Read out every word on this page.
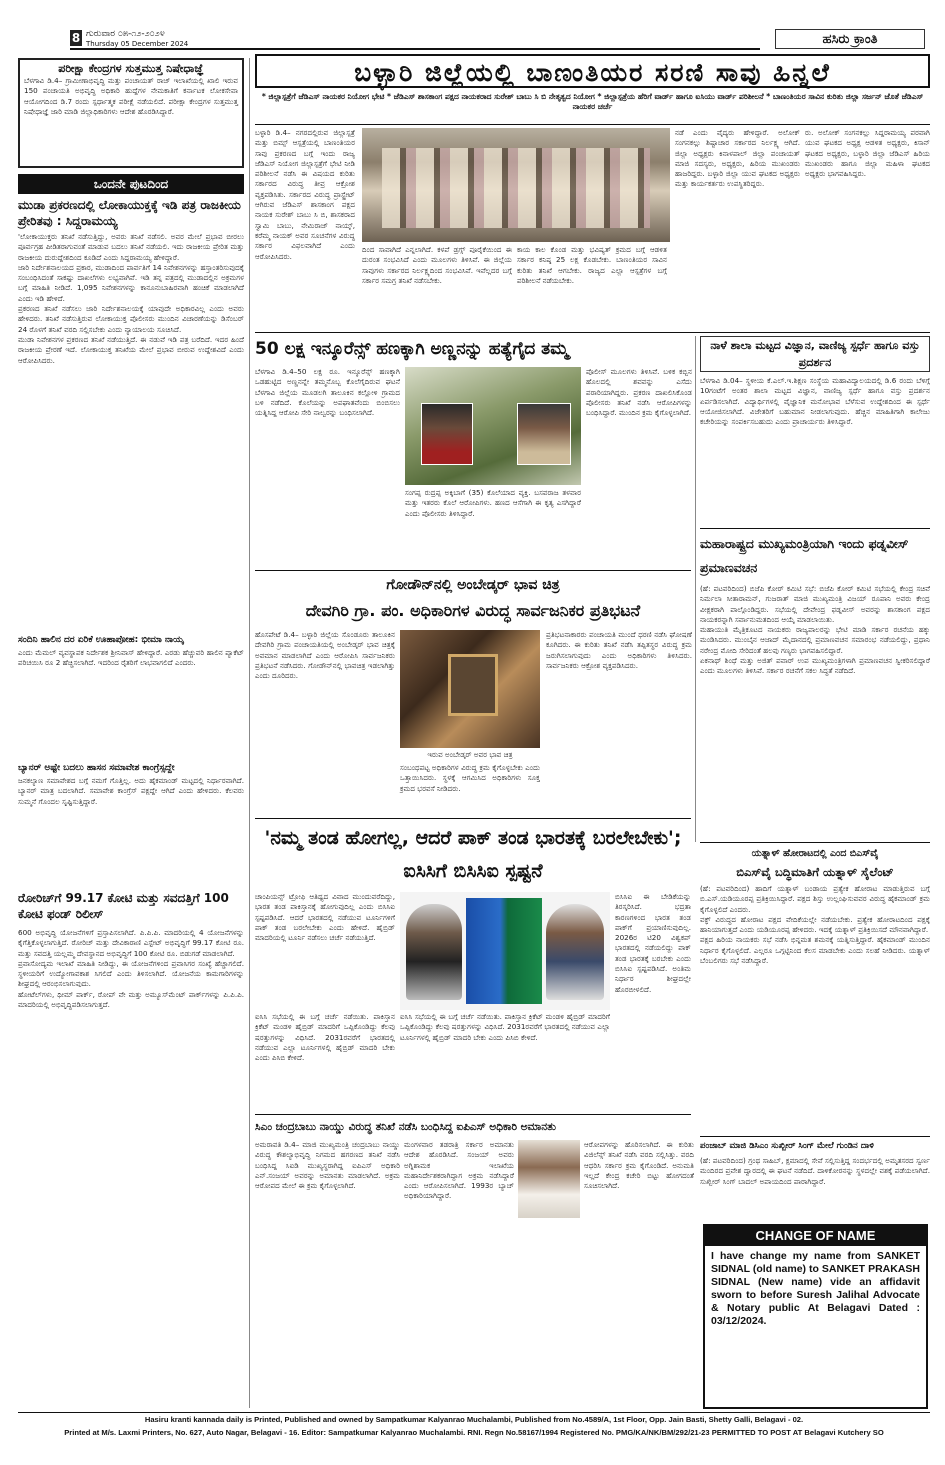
8 ಗುರುವಾರ ೦೫-೧೨-೨೦೨೪
Thursday 05 December 2024	ಹಸಿರು ಕ್ರಾಂತಿ
ಪರೀಕ್ಷಾ ಕೇಂದ್ರಗಳ ಸುತ್ತಮುತ್ತ ನಿಷೇಧಾಜ್ಞೆ
ಬೆಳಗಾವಿ ಡಿ.4– ಗ್ರಾಮೀಣಾಭಿವೃದ್ಧಿ ಮತ್ತು ಪಂಚಾಯತ್ ರಾಜ್ ಇಲಾಖೆಯಲ್ಲಿ ಖಾಲಿ ಇರುವ 150 ಪಂಚಾಯತಿ ಅಭಿವೃದ್ಧಿ ಅಧಿಕಾರಿ ಹುದ್ದೆಗಳ ನೇಮಕಾತಿಗೆ ಕರ್ನಾಟಕ ಲೋಕಸೇವಾ ಆಯೋಗದಿಂದ ಡಿ.7 ರಂದು ಸ್ಪರ್ಧಾತ್ಮಕ ಪರೀಕ್ಷೆ ನಡೆಯಲಿದೆ. ಪರೀಕ್ಷಾ ಕೇಂದ್ರಗಳ ಸುತ್ತಮುತ್ತ ನಿಷೇಧಾಜ್ಞೆ ಜಾರಿ ಮಾಡಿ ಜಿಲ್ಲಾಧಿಕಾರಿಗಳು ಆದೇಶ ಹೊರಡಿಸಿದ್ದಾರೆ.
ಒಂದನೇ ಪುಟದಿಂದ
ಮುಡಾ ಪ್ರಕರಣದಲ್ಲಿ ಲೋಕಾಯುಕ್ತಕ್ಕೆ ಇಡಿ ಪತ್ರ ರಾಜಕೀಯ ಪ್ರೇರಿತವು : ಸಿದ್ದರಾಮಯ್ಯ
'ಲೋಕಾಯುಕ್ತರು ತನಿಖೆ ನಡೆಸುತ್ತಿದ್ದು, ಅವರು ತನಿಖೆ ನಡೆಸಲಿ. ಅವರ ಮೇಲೆ ಪ್ರಭಾವ ಬೀರಲು ಪೂರ್ವಗ್ರಹ ಪೀಡಿತರಾಗುವಂತೆ ಮಾಡುವ ಬದಲು ತನಿಖೆ ನಡೆಯಲಿ. ಇದು ರಾಜಕೀಯ ಪ್ರೇರಿತ ಮತ್ತು ರಾಜಕೀಯ ದುರುದ್ದೇಶದಿಂದ ಕೂಡಿದೆ ಎಂದು ಸಿದ್ದರಾಮಯ್ಯ ಹೇಳಿದ್ದಾರೆ.
ಜಾರಿ ನಿರ್ದೇಶನಾಲಯದ ಪ್ರಕಾರ, ಮುಡಾದಿಂದ ಪಾರ್ವತಿಗೆ 14 ನಿವೇಶನಗಳನ್ನು ಹಸ್ತಾಂತರಿಸುವುದಕ್ಕೆ ಸಂಬಂಧಿಸಿದಂತೆ ಸಾಕಷ್ಟು ದಾಖಲೆಗಳು ಲಭ್ಯವಾಗಿವೆ. ಇಡಿ ತನ್ನ ಪತ್ರದಲ್ಲಿ ಮುಡಾದಲ್ಲಿನ ಅಕ್ರಮಗಳ ಬಗ್ಗೆ ಮಾಹಿತಿ ನೀಡಿದೆ. 1,095 ನಿವೇಶನಗಳನ್ನು ಕಾನೂನುಬಾಹಿರವಾಗಿ ಹಂಚಿಕೆ ಮಾಡಲಾಗಿದೆ ಎಂದು ಇಡಿ ಹೇಳಿದೆ.
ಪ್ರಕರಣದ ತನಿಖೆ ನಡೆಸಲು ಜಾರಿ ನಿರ್ದೇಶನಾಲಯಕ್ಕೆ ಯಾವುದೇ ಅಧಿಕಾರವಿಲ್ಲ ಎಂದು ಅವರು ಹೇಳಿದರು. ತನಿಖೆ ನಡೆಸುತ್ತಿರುವ ಲೋಕಾಯುಕ್ತ ಪೊಲೀಸರು ಮುಂದಿನ ವಿಚಾರಣೆಯನ್ನು ಡಿಸೆಂಬರ್ 24 ರೊಳಗೆ ತನಿಖೆ ವರದಿ ಸಲ್ಲಿಸಬೇಕು ಎಂದು ನ್ಯಾಯಾಲಯ ಸೂಚಿಸಿದೆ.
ಮುಡಾ ನಿವೇಶನಗಳ ಪ್ರಕರಣದ ತನಿಖೆ ನಡೆಯುತ್ತಿದೆ. ಈ ನಡುವೆ ಇಡಿ ಪತ್ರ ಬರೆದಿದೆ. ಇದರ ಹಿಂದೆ ರಾಜಕೀಯ ಪ್ರೇರಣೆ ಇದೆ. ಲೋಕಾಯುಕ್ತ ತನಿಖೆಯ ಮೇಲೆ ಪ್ರಭಾವ ಬೀರುವ ಉದ್ದೇಶವಿದೆ ಎಂದು ಆರೋಪಿಸಿದರು.
ಸಂದಿನಿ ಹಾಲಿನ ದರ ಏರಿಕೆ ಊಹಾಪೋಹ: ಭೀಮಾ ನಾಯ್ಕ
ಎಂದು ಮೆಮಲ್ ವ್ಯವಸ್ಥಾಪಕ ನಿರ್ದೇಶಕ ಶ್ರೀನಿವಾಸ್ ಹೇಳಿದ್ದಾರೆ. ಎರಡು ಹೆಚ್ಚುವರಿ ಹಾಲಿನ ಪ್ಯಾಕೆಟ್ ಪರಿಚಯಿಸಿ ರೂ 2 ಹೆಚ್ಚಿಸಲಾಗಿದೆ. ಇದರಿಂದ ರೈತರಿಗೆ ಲಾಭವಾಗಲಿದೆ ಎಂದರು.
ಬ್ಯಾನರ್ ಅಷ್ಟೇ ಬದಲು ಹಾಸನ ಸಮಾವೇಶ ಕಾಂಗ್ರೆಸ್ಸದ್ದೇ
ಜನಕಲ್ಯಾಣ ಸಮಾವೇಶದ ಬಗ್ಗೆ ನಮಗೆ ಗೊತ್ತಿಲ್ಲ. ಅದು ಹೈಕಮಾಂಡ್ ಮಟ್ಟದಲ್ಲಿ ನಿರ್ಧಾರವಾಗಿದೆ. ಬ್ಯಾನರ್ ಮಾತ್ರ ಬದಲಾಗಿದೆ. ಸಮಾವೇಶ ಕಾಂಗ್ರೆಸ್ ಪಕ್ಷದ್ದೇ ಆಗಿದೆ ಎಂದು ಹೇಳಿದರು. ಕೆಲವರು ಸುಮ್ಮನೆ ಗೊಂದಲ ಸೃಷ್ಟಿಸುತ್ತಿದ್ದಾರೆ.
ರೋರಿಚ್‌ಗೆ 99.17 ಕೋಟಿ ಮತ್ತು ಸವದತ್ತಿಗೆ 100 ಕೋಟಿ ಫಂಡ್ ರಿಲೀಸ್
600 ಅಭಿವೃದ್ಧಿ ಯೋಜನೆಗಳಿಗೆ ಪ್ರಸ್ತಾಪಿಸಲಾಗಿದೆ. ಪಿ.ಪಿ.ಪಿ. ಮಾದರಿಯಲ್ಲಿ 4 ಯೋಜನೆಗಳನ್ನು ಕೈಗೆತ್ತಿಕೊಳ್ಳಲಾಗುತ್ತಿದೆ. ರೋರಿಚ್ ಮತ್ತು ದೇವಿಕಾರಾಣಿ ಎಸ್ಟೇಟ್ ಅಭಿವೃದ್ಧಿಗೆ 99.17 ಕೋಟಿ ರೂ. ಮತ್ತು ಸವದತ್ತಿ ಯಲ್ಲಮ್ಮ ದೇವಸ್ಥಾನದ ಅಭಿವೃದ್ಧಿಗೆ 100 ಕೋಟಿ ರೂ. ಬಿಡುಗಡೆ ಮಾಡಲಾಗಿದೆ.
ಪ್ರವಾಸೋದ್ಯಮ ಇಲಾಖೆ ಮಾಹಿತಿ ನೀಡಿದ್ದು, ಈ ಯೋಜನೆಗಳಿಂದ ಪ್ರವಾಸಿಗರ ಸಂಖ್ಯೆ ಹೆಚ್ಚಾಗಲಿದೆ. ಸ್ಥಳೀಯರಿಗೆ ಉದ್ಯೋಗಾವಕಾಶ ಸಿಗಲಿದೆ ಎಂದು ತಿಳಿಸಲಾಗಿದೆ. ಯೋಜನೆಯ ಕಾಮಗಾರಿಗಳನ್ನು ಶೀಘ್ರದಲ್ಲಿ ಆರಂಭಿಸಲಾಗುವುದು.
ಹೋಟೆಲ್‌ಗಳು, ಥೀಮ್ ಪಾರ್ಕ್, ರೋಪ್ ವೇ ಮತ್ತು ಅಮ್ಯೂಸ್‌ಮೆಂಟ್ ಪಾರ್ಕ್‌ಗಳನ್ನು ಪಿ.ಪಿ.ಪಿ. ಮಾದರಿಯಲ್ಲಿ ಅಭಿವೃದ್ಧಿಪಡಿಸಲಾಗುತ್ತದೆ.
ಬಳ್ಳಾರಿ ಜಿಲ್ಲೆಯಲ್ಲಿ ಬಾಣಂತಿಯರ ಸರಣಿ ಸಾವು ಹಿನ್ನಲೆ
* ಜಿಲ್ಲಾಸ್ಪತ್ರೆಗೆ ಜೆಡಿಎಸ್ ನಾಯಕರ ನಿಯೋಗ ಭೇಟಿ * ಜೆಡಿಎಸ್ ಶಾಸಕಾಂಗ ಪಕ್ಷದ ನಾಯಕರಾದ ಸುರೇಶ್ ಬಾಬು ಸಿ ಬಿ ನೇತೃತ್ವದ ನಿಯೋಗ * ಜಿಲ್ಲಾಸ್ಪತ್ರೆಯ ಹೆರಿಗೆ ವಾರ್ಡ್ ಹಾಗೂ ಐಸಿಯು ವಾರ್ಡ್ ಪರಿಶೀಲನೆ * ಬಾಣಂತಿಯರ ಸಾವಿನ ಕುರಿತು ಜಿಲ್ಲಾ ಸರ್ಜನ್ ಜೊತೆ ಜೆಡಿಎಸ್ ನಾಯಕರ ಚರ್ಚೆ
ಬಳ್ಳಾರಿ ಡಿ.4– ನಗರದಲ್ಲಿರುವ ಜಿಲ್ಲಾಸ್ಪತ್ರೆ ಮತ್ತು ಬಿಮ್ಸ್ ಆಸ್ಪತ್ರೆಯಲ್ಲಿ ಬಾಣಂತಿಯರ ಸಾವು ಪ್ರಕರಣದ ಬಗ್ಗೆ ಇಂದು ರಾಜ್ಯ ಜೆಡಿಎಸ್ ನಿಯೋಗ ಜಿಲ್ಲಾಸ್ಪತ್ರೆಗೆ ಭೇಟಿ ನೀಡಿ ಪರಿಶೀಲನೆ ನಡೆಸಿ ಈ ವಿಷಯದ ಕುರಿತು ಸರ್ಕಾರದ ವಿರುದ್ಧ ತೀವ್ರ ಆಕ್ರೋಶ ವ್ಯಕ್ತಪಡಿಸಿತು. ಸರ್ಕಾರದ ವಿರುದ್ಧ ಪ್ರಾಸ್ಟ್ರೇಟ್ ಆಗಿರುವ ಜೆಡಿಎಸ್ ಶಾಸಕಾಂಗ ಪಕ್ಷದ ನಾಯಕ ಸುರೇಶ್ ಬಾಬು ಸಿ ಬಿ, ಶಾಸಕರಾದ ಸ್ವಾಮಿ ಬಾಬು, ನೇಮಿರಾಜ್ ನಾಯ್ಕ್, ಕರೆಮ್ಮ ನಾಯಕ್ ಅವರ ಸೂಚನೆಗಳ ವಿರುದ್ಧ ಸರ್ಕಾರ ವಿಫಲವಾಗಿದೆ ಎಂದು ಆರೋಪಿಸಿದರು.
ದಿಂದ ಸಾವಾಗಿದೆ ಎನ್ನಲಾಗಿದೆ. ಕಳಪೆ ಡ್ರಗ್ಸ್ ಪೂರೈಕೆಯಿಂದ ಈ ದುರಂತ ಸಂಭವಿಸಿದೆ ಎಂದು ಮೂಲಗಳು ತಿಳಿಸಿವೆ. ಈ ಜಿಲ್ಲೆಯ ಸಾವುಗಳು ಸರ್ಕಾರದ ನಿರ್ಲಕ್ಷ್ಯದಿಂದ ಸಂಭವಿಸಿವೆ. ಇವೆಲ್ಲದರ ಬಗ್ಗೆ ಸರ್ಕಾರ ಸಮಗ್ರ ತನಿಖೆ ನಡೆಸಬೇಕು.
ಕಾಯ ಕಾಲ ಕೊಂಡ ಮತ್ತು ಭವಿಷ್ಯತ್ ಕ್ರಮದ ಬಗ್ಗೆ ಆಡಳಿತ ಸರ್ಕಾರ ಕನಿಷ್ಠ 25 ಲಕ್ಷ ಕೊಡಬೇಕು. ಬಾಣಂತಿಯರ ಸಾವಿನ ಕುರಿತು ತನಿಖೆ ಆಗಬೇಕು. ರಾಜ್ಯದ ಎಲ್ಲಾ ಆಸ್ಪತ್ರೆಗಳ ಬಗ್ಗೆ ಪರಿಶೀಲನೆ ನಡೆಯಬೇಕು.
ನಡೆ ಎಂದು ವೈದ್ಯರು ಹೇಳಿದ್ದಾರೆ. ಅಲೋಕ್ ಸಂಗನಕಲ್ಲು ಶಿಷ್ಟಾಚಾರ ಸರ್ಕಾರದ ನಿರ್ಲಕ್ಷ್ಯ ಆಗಿದೆ. ಜಿಲ್ಲಾ ಅಧ್ಯಕ್ಷರು ಕಿನಾಳಪಾಲ್ ಜಿಲ್ಲಾ ಪಂಚಾಯತ್ ಮಾಜಿ ಸದಸ್ಯರು, ಅಧ್ಯಕ್ಷರು, ಹಿರಿಯ ಮುಖಂಡರು ಹಾಜರಿದ್ದರು. ಬಳ್ಳಾರಿ ಜಿಲ್ಲಾ ಯುವ ಘಟಕದ ಅಧ್ಯಕ್ಷರು ಮತ್ತು ಕಾರ್ಯಕರ್ತರು ಉಪಸ್ಥಿತರಿದ್ದರು.
ರು. ಅಲೋಕ್ ಸಂಗನಕಲ್ಲು ಸಿದ್ದರಾಮಯ್ಯ ಪರವಾಗಿ ಯುವ ಘಟಕದ ಅಧ್ಯಕ್ಷ ಆಡಳಿತ ಅಧ್ಯಕ್ಷರು, ಕಿಸಾನ್ ಘಟಕದ ಅಧ್ಯಕ್ಷರು, ಬಳ್ಳಾರಿ ಜಿಲ್ಲಾ ಜೆಡಿಎಸ್ ಹಿರಿಯ ಮುಖಂಡರು ಹಾಗೂ ಜಿಲ್ಲಾ ಮಹಿಳಾ ಘಟಕದ ಅಧ್ಯಕ್ಷರು ಭಾಗವಹಿಸಿದ್ದರು.
50 ಲಕ್ಷ ಇನ್ಶೂರೆನ್ಸ್ ಹಣಕ್ಕಾಗಿ ಅಣ್ಣನನ್ನು ಹತ್ಯೆಗೈದ ತಮ್ಮ
ಬೆಳಗಾವಿ ಡಿ.4–50 ಲಕ್ಷ ರೂ. ಇನ್ಶೂರೆನ್ಸ್ ಹಣಕ್ಕಾಗಿ ಒಡಹುಟ್ಟಿದ ಅಣ್ಣನನ್ನೇ ತಮ್ಮನೊಬ್ಬ ಕೊಲೆಗೈದಿರುವ ಘಟನೆ ಬೆಳಗಾವಿ ಜಿಲ್ಲೆಯ ಮೂಡಲಗಿ ತಾಲೂಕಿನ ಕಲ್ಲೋಳಿ ಗ್ರಾಮದ ಬಳಿ ನಡೆದಿದೆ. ಕೊಲೆಯನ್ನು ಅಪಘಾತವೆಂದು ಬಿಂಬಿಸಲು ಯತ್ನಿಸಿದ್ದ ಆರೋಪಿ ಸೇರಿ ನಾಲ್ವರನ್ನು ಬಂಧಿಸಲಾಗಿದೆ.
ಸಂಗಪ್ಪ ರುದ್ರಪ್ಪ ಅಕ್ಕಿಬಾಗೆ (35) ಕೊಲೆಯಾದ ವ್ಯಕ್ತಿ. ಬಸವರಾಜ ತಳವಾರ ಮತ್ತು ಇತರರು ಕೊಲೆ ಆರೋಪಿಗಳು. ಹಣದ ಆಸೆಗಾಗಿ ಈ ಕೃತ್ಯ ಎಸಗಿದ್ದಾರೆ ಎಂದು ಪೊಲೀಸರು ತಿಳಿಸಿದ್ದಾರೆ.
ಪೊಲೀಸ್ ಮೂಲಗಳು ತಿಳಿಸಿವೆ. ಬಳಿಕ ಕಬ್ಬಿನ ಹೊಲದಲ್ಲಿ ಶವವನ್ನು ಎಸೆದು ಪರಾರಿಯಾಗಿದ್ದರು. ಪ್ರಕರಣ ದಾಖಲಿಸಿಕೊಂಡ ಪೊಲೀಸರು ತನಿಖೆ ನಡೆಸಿ ಆರೋಪಿಗಳನ್ನು ಬಂಧಿಸಿದ್ದಾರೆ. ಮುಂದಿನ ಕ್ರಮ ಕೈಗೊಳ್ಳಲಾಗಿದೆ.
ನಾಳೆ ಶಾಲಾ ಮಟ್ಟದ ವಿಜ್ಞಾನ, ವಾಣಿಜ್ಯ ಸ್ಪರ್ಧೆ ಹಾಗೂ ವಸ್ತು ಪ್ರದರ್ಶನ
ಬೆಳಗಾವಿ ಡಿ.04– ಸ್ಥಳೀಯ ಕೆ.ಎಲ್.ಇ.ಶಿಕ್ಷಣ ಸಂಸ್ಥೆಯ ಮಹಾವಿದ್ಯಾಲಯದಲ್ಲಿ ಡಿ.6 ರಂದು ಬೆಳಿಗ್ಗೆ 10ಗಂಟೆಗೆ ಅಂತರ ಶಾಲಾ ಮಟ್ಟದ ವಿಜ್ಞಾನ, ವಾಣಿಜ್ಯ ಸ್ಪರ್ಧೆ ಹಾಗೂ ವಸ್ತು ಪ್ರದರ್ಶನ ಏರ್ಪಡಿಸಲಾಗಿದೆ. ವಿದ್ಯಾರ್ಥಿಗಳಲ್ಲಿ ವೈಜ್ಞಾನಿಕ ಮನೋಭಾವ ಬೆಳೆಸುವ ಉದ್ದೇಶದಿಂದ ಈ ಸ್ಪರ್ಧೆ ಆಯೋಜಿಸಲಾಗಿದೆ. ವಿಜೇತರಿಗೆ ಬಹುಮಾನ ನೀಡಲಾಗುವುದು. ಹೆಚ್ಚಿನ ಮಾಹಿತಿಗಾಗಿ ಕಾಲೇಜು ಕಚೇರಿಯನ್ನು ಸಂಪರ್ಕಿಸಬಹುದು ಎಂದು ಪ್ರಾಚಾರ್ಯರು ತಿಳಿಸಿದ್ದಾರೆ.
ಮಹಾರಾಷ್ಟ್ರದ ಮುಖ್ಯಮಂತ್ರಿಯಾಗಿ ಇಂದು ಫಡ್ನವೀಸ್ ಪ್ರಮಾಣವಚನ
(ಹೆ: ಪಟವರಿದಿಂದ) ಬಿಜೆಪಿ ಕೋರ್ ಕಮಿಟಿ ಸಭೆ: ಬಿಜೆಪಿ ಕೋರ್ ಕಮಿಟಿ ಸಭೆಯಲ್ಲಿ ಕೇಂದ್ರ ಸಚಿವೆ ನಿರ್ಮಲಾ ಸೀತಾರಾಮನ್, ಗುಜರಾತ್ ಮಾಜಿ ಮುಖ್ಯಮಂತ್ರಿ ವಿಜಯ್ ರೂಪಾನಿ ಅವರು ಕೇಂದ್ರ ವೀಕ್ಷಕರಾಗಿ ಪಾಲ್ಗೊಂಡಿದ್ದರು. ಸಭೆಯಲ್ಲಿ ದೇವೇಂದ್ರ ಫಡ್ನವೀಸ್ ಅವರನ್ನು ಶಾಸಕಾಂಗ ಪಕ್ಷದ ನಾಯಕರನ್ನಾಗಿ ಸರ್ವಾನುಮತದಿಂದ ಆಯ್ಕೆ ಮಾಡಲಾಯಿತು.
ಮಹಾಯುತಿ ಮೈತ್ರಿಕೂಟದ ನಾಯಕರು ರಾಜ್ಯಪಾಲರನ್ನು ಭೇಟಿ ಮಾಡಿ ಸರ್ಕಾರ ರಚನೆಯ ಹಕ್ಕು ಮಂಡಿಸಿದರು. ಮುಂಬೈನ ಆಜಾದ್ ಮೈದಾನದಲ್ಲಿ ಪ್ರಮಾಣವಚನ ಸಮಾರಂಭ ನಡೆಯಲಿದ್ದು, ಪ್ರಧಾನಿ ನರೇಂದ್ರ ಮೋದಿ ಸೇರಿದಂತೆ ಹಲವು ಗಣ್ಯರು ಭಾಗವಹಿಸಲಿದ್ದಾರೆ.
ಏಕನಾಥ್ ಶಿಂಧೆ ಮತ್ತು ಅಜಿತ್ ಪವಾರ್ ಉಪ ಮುಖ್ಯಮಂತ್ರಿಗಳಾಗಿ ಪ್ರಮಾಣವಚನ ಸ್ವೀಕರಿಸಲಿದ್ದಾರೆ ಎಂದು ಮೂಲಗಳು ತಿಳಿಸಿವೆ. ಸರ್ಕಾರ ರಚನೆಗೆ ಸಕಲ ಸಿದ್ಧತೆ ನಡೆದಿದೆ.
ಗೋಡೌನ್‌ನಲ್ಲಿ ಅಂಬೇಡ್ಕರ್ ಭಾವ ಚಿತ್ರ
ದೇವಗಿರಿ ಗ್ರಾ. ಪಂ. ಅಧಿಕಾರಿಗಳ ವಿರುದ್ಧ ಸಾರ್ವಜನಿಕರ ಪ್ರತಿಭಟನೆ
ಹೊಸಪೇಟೆ ಡಿ.4– ಬಳ್ಳಾರಿ ಜಿಲ್ಲೆಯ ಸೊಂಡೂರು ತಾಲೂಕಿನ ದೇವಗಿರಿ ಗ್ರಾಮ ಪಂಚಾಯತಿಯಲ್ಲಿ ಅಂಬೇಡ್ಕರ್ ಭಾವ ಚಿತ್ರಕ್ಕೆ ಅವಮಾನ ಮಾಡಲಾಗಿದೆ ಎಂದು ಆರೋಪಿಸಿ ಸಾರ್ವಜನಿಕರು ಪ್ರತಿಭಟನೆ ನಡೆಸಿದರು. ಗೋಡೌನ್‌ನಲ್ಲಿ ಭಾವಚಿತ್ರ ಇಡಲಾಗಿತ್ತು ಎಂದು ದೂರಿದರು.
ಇರುವ ಅಂಬೇಡ್ಕರ್ ಅವರ ಭಾವ ಚಿತ್ರ
ಸಂಬಂಧಪಟ್ಟ ಅಧಿಕಾರಿಗಳ ವಿರುದ್ಧ ಕ್ರಮ ಕೈಗೊಳ್ಳಬೇಕು ಎಂದು ಒತ್ತಾಯಿಸಿದರು. ಸ್ಥಳಕ್ಕೆ ಆಗಮಿಸಿದ ಅಧಿಕಾರಿಗಳು ಸೂಕ್ತ ಕ್ರಮದ ಭರವಸೆ ನೀಡಿದರು.
ಪ್ರತಿಭಟನಾಕಾರರು ಪಂಚಾಯತಿ ಮುಂದೆ ಧರಣಿ ನಡೆಸಿ ಘೋಷಣೆ ಕೂಗಿದರು. ಈ ಕುರಿತು ತನಿಖೆ ನಡೆಸಿ ತಪ್ಪಿತಸ್ಥರ ವಿರುದ್ಧ ಕ್ರಮ ಜರುಗಿಸಲಾಗುವುದು ಎಂದು ಅಧಿಕಾರಿಗಳು ತಿಳಿಸಿದರು. ಸಾರ್ವಜನಿಕರು ಆಕ್ರೋಶ ವ್ಯಕ್ತಪಡಿಸಿದರು.
'ನಮ್ಮ ತಂಡ ಹೋಗಲ್ಲ, ಆದರೆ ಪಾಕ್ ತಂಡ ಭಾರತಕ್ಕೆ ಬರಲೇಬೇಕು'; ಐಸಿಸಿಗೆ ಬಿಸಿಸಿಐ ಸ್ಪಷ್ಟನೆ
ಚಾಂಪಿಯನ್ಸ್ ಟ್ರೋಫಿ ಆತಿಥ್ಯದ ವಿವಾದ ಮುಂದುವರೆದಿದ್ದು, ಭಾರತ ತಂಡ ಪಾಕಿಸ್ತಾನಕ್ಕೆ ಹೋಗುವುದಿಲ್ಲ ಎಂದು ಬಿಸಿಸಿಐ ಸ್ಪಷ್ಟಪಡಿಸಿದೆ. ಆದರೆ ಭಾರತದಲ್ಲಿ ನಡೆಯುವ ಟೂರ್ನಿಗಳಿಗೆ ಪಾಕ್ ತಂಡ ಬರಲೇಬೇಕು ಎಂದು ಹೇಳಿದೆ. ಹೈಬ್ರಿಡ್ ಮಾದರಿಯಲ್ಲಿ ಟೂರ್ನಿ ನಡೆಸಲು ಚರ್ಚೆ ನಡೆಯುತ್ತಿದೆ.
ಐಸಿಸಿ ಸಭೆಯಲ್ಲಿ ಈ ಬಗ್ಗೆ ಚರ್ಚೆ ನಡೆಯಿತು. ಪಾಕಿಸ್ತಾನ ಕ್ರಿಕೆಟ್ ಮಂಡಳಿ ಹೈಬ್ರಿಡ್ ಮಾದರಿಗೆ ಒಪ್ಪಿಕೊಂಡಿದ್ದು ಕೆಲವು ಷರತ್ತುಗಳನ್ನು ವಿಧಿಸಿದೆ. 2031ರವರೆಗೆ ಭಾರತದಲ್ಲಿ ನಡೆಯುವ ಎಲ್ಲಾ ಟೂರ್ನಿಗಳಲ್ಲಿ ಹೈಬ್ರಿಡ್ ಮಾದರಿ ಬೇಕು ಎಂದು ಪಿಸಿಬಿ ಕೇಳಿದೆ.
ಬಿಸಿಸಿಐ ಈ ಬೇಡಿಕೆಯನ್ನು ತಿರಸ್ಕರಿಸಿದೆ. ಭದ್ರತಾ ಕಾರಣಗಳಿಂದ ಭಾರತ ತಂಡ ಪಾಕ್‌ಗೆ ಪ್ರಯಾಣಿಸುವುದಿಲ್ಲ. 2026ರ ಟಿ20 ವಿಶ್ವಕಪ್ ಭಾರತದಲ್ಲಿ ನಡೆಯಲಿದ್ದು ಪಾಕ್ ತಂಡ ಭಾರತಕ್ಕೆ ಬರಬೇಕು ಎಂದು ಬಿಸಿಸಿಐ ಸ್ಪಷ್ಟಪಡಿಸಿದೆ. ಅಂತಿಮ ನಿರ್ಧಾರ ಶೀಘ್ರದಲ್ಲೇ ಹೊರಬೀಳಲಿದೆ.
ಐಸಿಸಿ ಸಭೆಯಲ್ಲಿ ಈ ಬಗ್ಗೆ ಚರ್ಚೆ ನಡೆಯಿತು. ಪಾಕಿಸ್ತಾನ ಕ್ರಿಕೆಟ್ ಮಂಡಳಿ ಹೈಬ್ರಿಡ್ ಮಾದರಿಗೆ ಒಪ್ಪಿಕೊಂಡಿದ್ದು ಕೆಲವು ಷರತ್ತುಗಳನ್ನು ವಿಧಿಸಿದೆ. 2031ರವರೆಗೆ ಭಾರತದಲ್ಲಿ ನಡೆಯುವ ಎಲ್ಲಾ ಟೂರ್ನಿಗಳಲ್ಲಿ ಹೈಬ್ರಿಡ್ ಮಾದರಿ ಬೇಕು ಎಂದು ಪಿಸಿಬಿ ಕೇಳಿದೆ.
ಯತ್ನಾಳ್ ಹೋರಾಟದಲ್ಲಿ ಎಂದ ಬಿಎಸ್‌ವೈ
ಬಿಎಸ್‌ವೈ ಬದ್ಧಿಮಾತಿಗೆ ಯತ್ನಾಳ್ ಸೈಲೆಂಟ್
(ಹೆ: ಪಟವರಿದಿಂದ) ಹಾದಿಗೆ ಯತ್ನಾಳ್ ಬಂಡಾಯ ಪ್ರತ್ಯೇಕ ಹೋರಾಟ ಮಾಡುತ್ತಿರುವ ಬಗ್ಗೆ ಬಿ.ಎಸ್.ಯಡಿಯೂರಪ್ಪ ಪ್ರತಿಕ್ರಿಯಿಸಿದ್ದಾರೆ. ಪಕ್ಷದ ಶಿಸ್ತು ಉಲ್ಲಂಘಿಸುವವರ ವಿರುದ್ಧ ಹೈಕಮಾಂಡ್ ಕ್ರಮ ಕೈಗೊಳ್ಳಲಿದೆ ಎಂದರು.
ವಕ್ಫ್ ವಿರುದ್ಧದ ಹೋರಾಟ ಪಕ್ಷದ ವೇದಿಕೆಯಲ್ಲೇ ನಡೆಯಬೇಕು. ಪ್ರತ್ಯೇಕ ಹೋರಾಟದಿಂದ ಪಕ್ಷಕ್ಕೆ ಹಾನಿಯಾಗುತ್ತದೆ ಎಂದು ಯಡಿಯೂರಪ್ಪ ಹೇಳಿದರು. ಇದಕ್ಕೆ ಯತ್ನಾಳ್ ಪ್ರತಿಕ್ರಿಯಿಸದೆ ಮೌನವಾಗಿದ್ದಾರೆ.
ಪಕ್ಷದ ಹಿರಿಯ ನಾಯಕರು ಸಭೆ ನಡೆಸಿ ಭಿನ್ನಮತ ಶಮನಕ್ಕೆ ಯತ್ನಿಸುತ್ತಿದ್ದಾರೆ. ಹೈಕಮಾಂಡ್ ಮುಂದಿನ ನಿರ್ಧಾರ ಕೈಗೊಳ್ಳಲಿದೆ. ಎಲ್ಲರೂ ಒಗ್ಗಟ್ಟಿನಿಂದ ಕೆಲಸ ಮಾಡಬೇಕು ಎಂದು ಸಲಹೆ ನೀಡಿದರು. ಯತ್ನಾಳ್ ಬೆಂಬಲಿಗರು ಸಭೆ ನಡೆಸಿದ್ದಾರೆ.
ಪಂಜಾಬ್ ಮಾಜಿ ಡಿಸಿಎಂ ಸುಖ್ಬೀರ್ ಸಿಂಗ್ ಮೇಲೆ ಗುಂಡಿನ ದಾಳಿ
(ಹೆ: ಪಟವರಿದಿಂದ) ಗ್ರಂಥ ಸಾಹಿಬ್, ಕ್ಷಮಾದಲ್ಲಿ ಸೇವೆ ಸಲ್ಲಿಸುತ್ತಿದ್ದ ಸಂದರ್ಭದಲ್ಲಿ ಅಮೃತಸರದ ಸ್ವರ್ಣ ಮಂದಿರದ ಪ್ರವೇಶ ದ್ವಾರದಲ್ಲಿ ಈ ಘಟನೆ ನಡೆದಿದೆ. ದಾಳಿಕೋರನನ್ನು ಸ್ಥಳದಲ್ಲೇ ವಶಕ್ಕೆ ಪಡೆಯಲಾಗಿದೆ. ಸುಖ್ಬೀರ್ ಸಿಂಗ್ ಬಾದಲ್ ಅಪಾಯದಿಂದ ಪಾರಾಗಿದ್ದಾರೆ.
CHANGE OF NAME
I have change my name from SANKET SIDNAL (old name) to SANKET PRAKASH SIDNAL (New name) vide an affidavit sworn to before Suresh Jalihal Advocate & Notary public At Belagavi Dated : 03/12/2024.
ಸಿಎಂ ಚಂದ್ರಬಾಬು ನಾಯ್ಡು ವಿರುದ್ಧ ತನಿಖೆ ನಡೆಸಿ ಬಂಧಿಸಿದ್ದ ಐಪಿಎಸ್ ಅಧಿಕಾರಿ ಅಮಾನತು
ಅಮರಾವತಿ ಡಿ.4– ಮಾಜಿ ಮುಖ್ಯಮಂತ್ರಿ ಚಂದ್ರಬಾಬು ನಾಯ್ಡು ವಿರುದ್ಧ ಕೌಶಲ್ಯಾಭಿವೃದ್ಧಿ ನಿಗಮದ ಹಗರಣದ ತನಿಖೆ ನಡೆಸಿ ಬಂಧಿಸಿದ್ದ ಸಿಐಡಿ ಮುಖ್ಯಸ್ಥರಾಗಿದ್ದ ಐಪಿಎಸ್ ಅಧಿಕಾರಿ ಎನ್.ಸಂಜಯ್ ಅವರನ್ನು ಅಮಾನತು ಮಾಡಲಾಗಿದೆ. ಅಕ್ರಮ ಆರೋಪದ ಮೇಲೆ ಈ ಕ್ರಮ ಕೈಗೊಳ್ಳಲಾಗಿದೆ.
ಮಂಗಳವಾರ ತಡರಾತ್ರಿ ಸರ್ಕಾರ ಅಮಾನತು ಆದೇಶ ಹೊರಡಿಸಿದೆ. ಸಂಜಯ್ ಅವರು ಅಗ್ನಿಶಾಮಕ ಇಲಾಖೆಯ ಮಹಾನಿರ್ದೇಶಕರಾಗಿದ್ದಾಗ ಅಕ್ರಮ ನಡೆಸಿದ್ದಾರೆ ಎಂದು ಆರೋಪಿಸಲಾಗಿದೆ. 1993ರ ಬ್ಯಾಚ್ ಅಧಿಕಾರಿಯಾಗಿದ್ದಾರೆ.
ಆರೋಪಗಳನ್ನು ಹೊರಿಸಲಾಗಿದೆ. ಈ ಕುರಿತು ವಿಜಿಲೆನ್ಸ್ ತನಿಖೆ ನಡೆಸಿ ವರದಿ ಸಲ್ಲಿಸಿತ್ತು. ವರದಿ ಆಧರಿಸಿ ಸರ್ಕಾರ ಕ್ರಮ ಕೈಗೊಂಡಿದೆ. ಅನುಮತಿ ಇಲ್ಲದೆ ಕೇಂದ್ರ ಕಚೇರಿ ಬಿಟ್ಟು ಹೋಗದಂತೆ ಸೂಚಿಸಲಾಗಿದೆ.
Hasiru kranti kannada daily is Printed, Published and owned by Sampatkumar Kalyanrao Muchalambi, Published from No.4589/A, 1st Floor, Opp. Jain Basti, Shetty Galli, Belagavi - 02.
Printed at M/s. Laxmi Printers, No. 627, Auto Nagar, Belagavi - 16. Editor: Sampatkumar Kalyanrao Muchalambi. RNI. Regn No.58167/1994 Registered No. PMG/KA/NK/BM/292/21-23 PERMITTED TO POST AT Belagavi Kutchery SO
